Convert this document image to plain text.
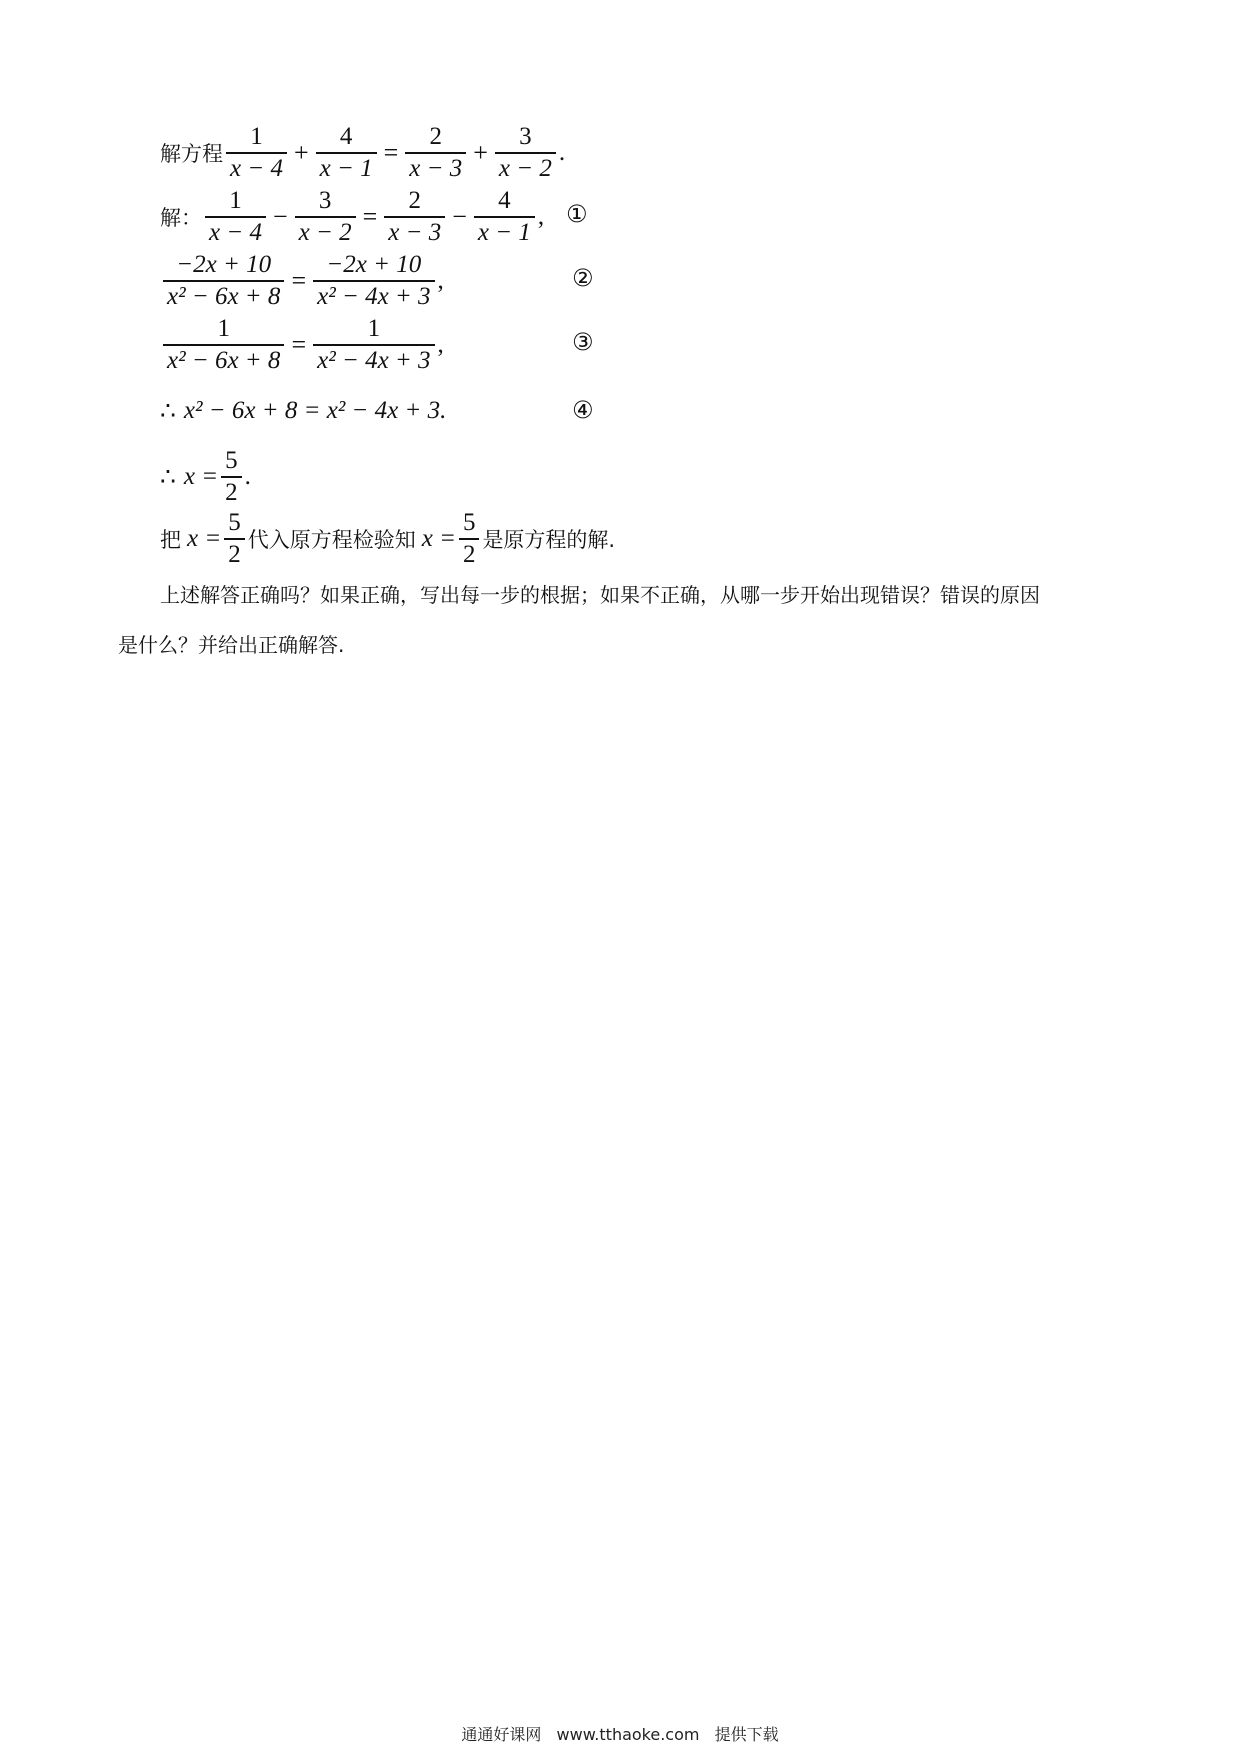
解方程 $\frac{1}{x - 4} + \frac{4}{x - 1} = \frac{2}{x - 3} + \frac{3}{x - 2}$ .
解： $\frac{1}{x - 4} - \frac{3}{x - 2} = \frac{2}{x - 3} - \frac{4}{x - 1}$ , ①
$\frac{-2x + 10}{\text{x² − 6x + 8}} = \frac{-2x + 10}{\text{x² − 4x + 3}}$ ,	②
$\frac{1}{\text{x² − 6x + 8}} = \frac{1}{\text{x² − 4x + 3}}$ ,	③
∴ x² − 6x + 8 = x² − 4x + 3.	④
∴ $x = \frac{5}{2}$ .
把 $x = \frac{5}{2}$ 代入原方程检验知 $x = \frac{5}{2}$ 是原方程的解.
上述解答正确吗？如果正确，写出每一步的根据；如果不正确，从哪一步开始出现错误？错误的原因
是什么？并给出正确解答.
通通好课网 www.tthaoke.com 提供下载
